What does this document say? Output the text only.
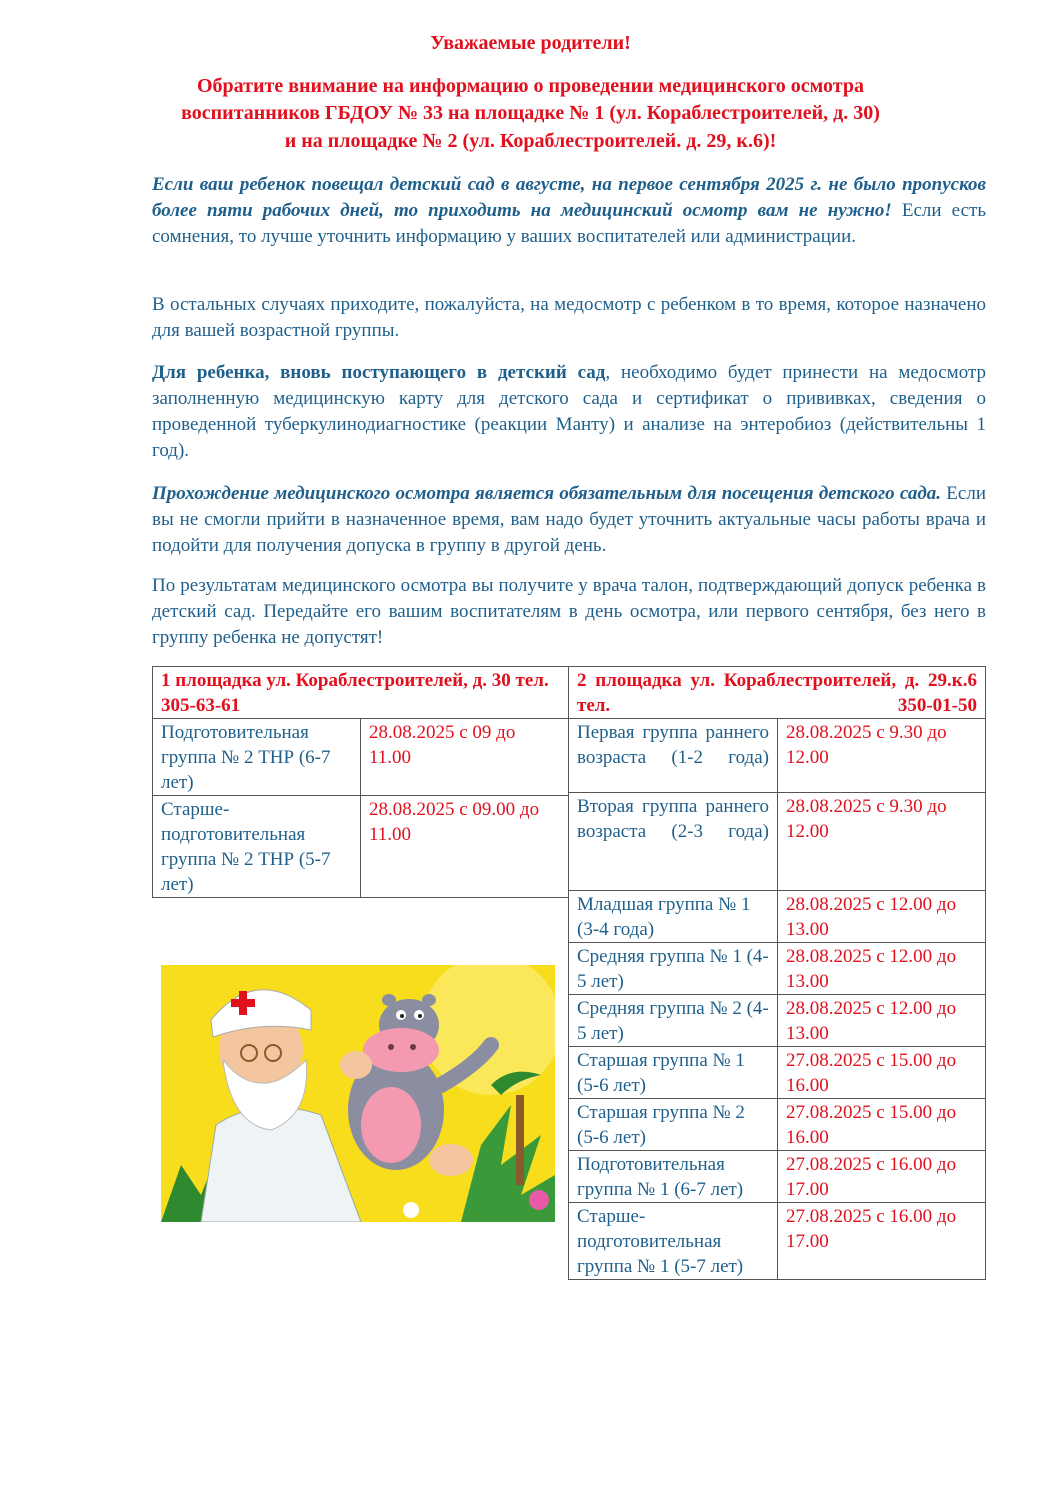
Уважаемые родители!
Обратите внимание на информацию о проведении медицинского осмотра
воспитанников ГБДОУ № 33 на площадке № 1 (ул. Кораблестроителей, д. 30)
и на площадке № 2 (ул. Кораблестроителей. д. 29, к.6)!
Если ваш ребенок повещал детский сад в августе, на первое сентября 2025 г. не было пропусков более пяти рабочих дней, то приходить на медицинский осмотр вам не нужно! Если есть сомнения, то лучше уточнить информацию у ваших воспитателей или администрации.
В остальных случаях приходите, пожалуйста, на медосмотр с ребенком в то время, которое назначено для вашей возрастной группы.
Для ребенка, вновь поступающего в детский сад, необходимо будет принести на медосмотр заполненную медицинскую карту для детского сада и сертификат о прививках, сведения о проведенной туберкулинодиагностике (реакции Манту) и анализе на энтеробиоз (действительны 1 год).
Прохождение медицинского осмотра является обязательным для посещения детского сада. Если вы не смогли прийти в назначенное время, вам надо будет уточнить актуальные часы работы врача и подойти для получения допуска в группу в другой день.
По результатам медицинского осмотра вы получите у врача талон, подтверждающий допуск ребенка в детский сад. Передайте его вашим воспитателям в день осмотра, или первого сентября, без него в группу ребенка не допустят!
1 площадка ул. Кораблестроителей, д. 30 тел. 305-63-61	
Подготовительная группа № 2 ТНР (6-7 лет)	28.08.2025 с 09 до 11.00
Старше-подготовительная группа № 2 ТНР (5-7 лет)	28.08.2025 с 09.00 до 11.00
2 площадка ул. Кораблестроителей, д. 29.к.6 тел. 350-01-50	
Первая группа раннего возраста (1-2 года)	28.08.2025 с 9.30 до 12.00
Вторая группа раннего возраста (2-3 года)	28.08.2025 с 9.30 до 12.00
Младшая группа № 1 (3-4 года)	28.08.2025 с 12.00 до 13.00
Средняя группа № 1 (4-5 лет)	28.08.2025 с 12.00 до 13.00
Средняя группа № 2 (4-5 лет)	28.08.2025 с 12.00 до 13.00
Старшая группа № 1 (5-6 лет)	27.08.2025 с 15.00 до 16.00
Старшая группа № 2 (5-6 лет)	27.08.2025 с 15.00 до 16.00
Подготовительная группа № 1 (6-7 лет)	27.08.2025 с 16.00 до 17.00
Старше-подготовительная группа № 1 (5-7 лет)	27.08.2025 с 16.00 до 17.00
